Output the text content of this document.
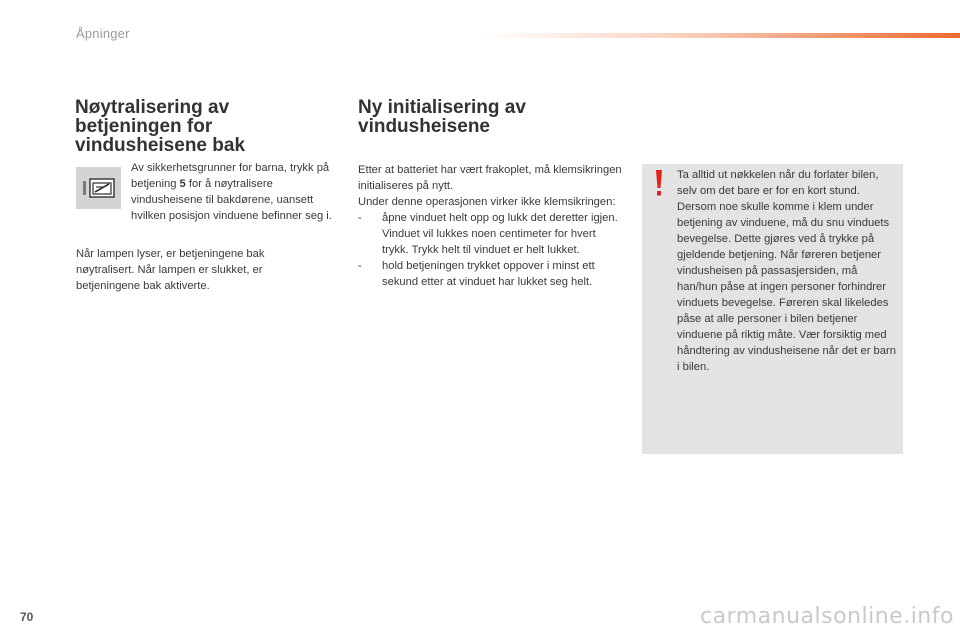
Åpninger
Nøytralisering av betjeningen for vindusheisene bak
Av sikkerhetsgrunner for barna, trykk på betjening 5 for å nøytralisere vindusheisene til bakdørene, uansett hvilken posisjon vinduene befinner seg i.
Når lampen lyser, er betjeningene bak nøytralisert. Når lampen er slukket, er betjeningene bak aktiverte.
Ny initialisering av vindusheisene

Etter at batteriet har vært frakoplet, må klemsikringen initialiseres på nytt.

Under denne operasjonen virker ikke klemsikringen:

-	åpne vinduet helt opp og lukk det deretter igjen. Vinduet vil lukkes noen centimeter for hvert trykk. Trykk helt til vinduet er helt lukket.
-	hold betjeningen trykket oppover i minst ett sekund etter at vinduet har lukket seg helt.
Ta alltid ut nøkkelen når du forlater bilen, selv om det bare er for en kort stund. Dersom noe skulle komme i klem under betjening av vinduene, må du snu vinduets bevegelse. Dette gjøres ved å trykke på gjeldende betjening. Når føreren betjener vindusheisen på passasjersiden, må han/hun påse at ingen personer forhindrer vinduets bevegelse. Føreren skal likeledes påse at alle personer i bilen betjener vinduene på riktig måte. Vær forsiktig med håndtering av vindusheisene når det er barn i bilen.
70	carmanualsonline.info
